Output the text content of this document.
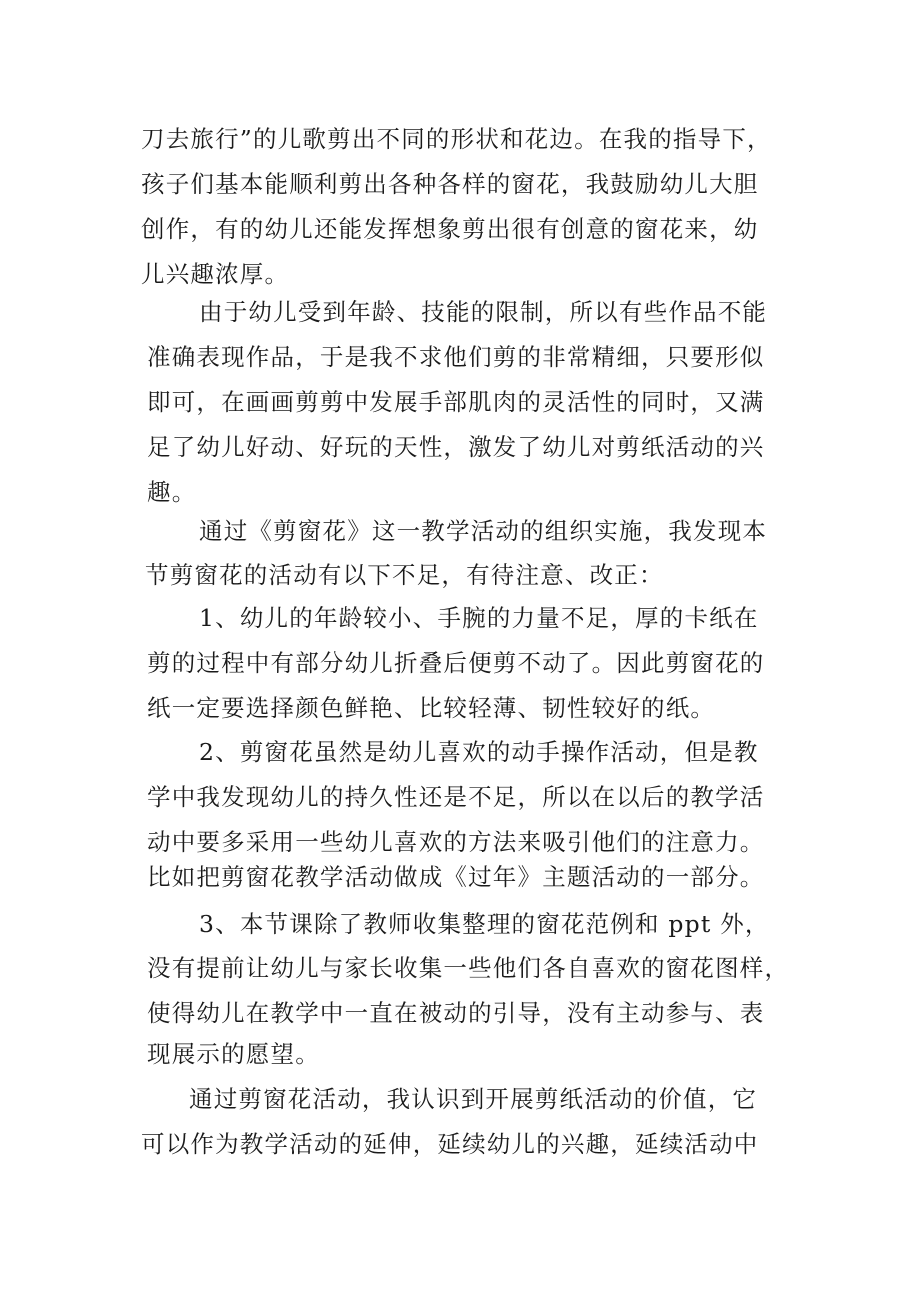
刀去旅行”的儿歌剪出不同的形状和花边。在我的指导下，
孩子们基本能顺利剪出各种各样的窗花，我鼓励幼儿大胆
创作，有的幼儿还能发挥想象剪出很有创意的窗花来，幼
儿兴趣浓厚。
由于幼儿受到年龄、技能的限制，所以有些作品不能
准确表现作品，于是我不求他们剪的非常精细，只要形似
即可，在画画剪剪中发展手部肌肉的灵活性的同时，又满
足了幼儿好动、好玩的天性，激发了幼儿对剪纸活动的兴
趣。
通过《剪窗花》这一教学活动的组织实施，我发现本
节剪窗花的活动有以下不足，有待注意、改正：
1、幼儿的年龄较小、手腕的力量不足，厚的卡纸在
剪的过程中有部分幼儿折叠后便剪不动了。因此剪窗花的
纸一定要选择颜色鲜艳、比较轻薄、韧性较好的纸。
2、剪窗花虽然是幼儿喜欢的动手操作活动，但是教
学中我发现幼儿的持久性还是不足，所以在以后的教学活
动中要多采用一些幼儿喜欢的方法来吸引他们的注意力。
比如把剪窗花教学活动做成《过年》主题活动的一部分。
3、本节课除了教师收集整理的窗花范例和 ppt 外，
没有提前让幼儿与家长收集一些他们各自喜欢的窗花图样，
使得幼儿在教学中一直在被动的引导，没有主动参与、表
现展示的愿望。
通过剪窗花活动，我认识到开展剪纸活动的价值，它
可以作为教学活动的延伸，延续幼儿的兴趣，延续活动中
